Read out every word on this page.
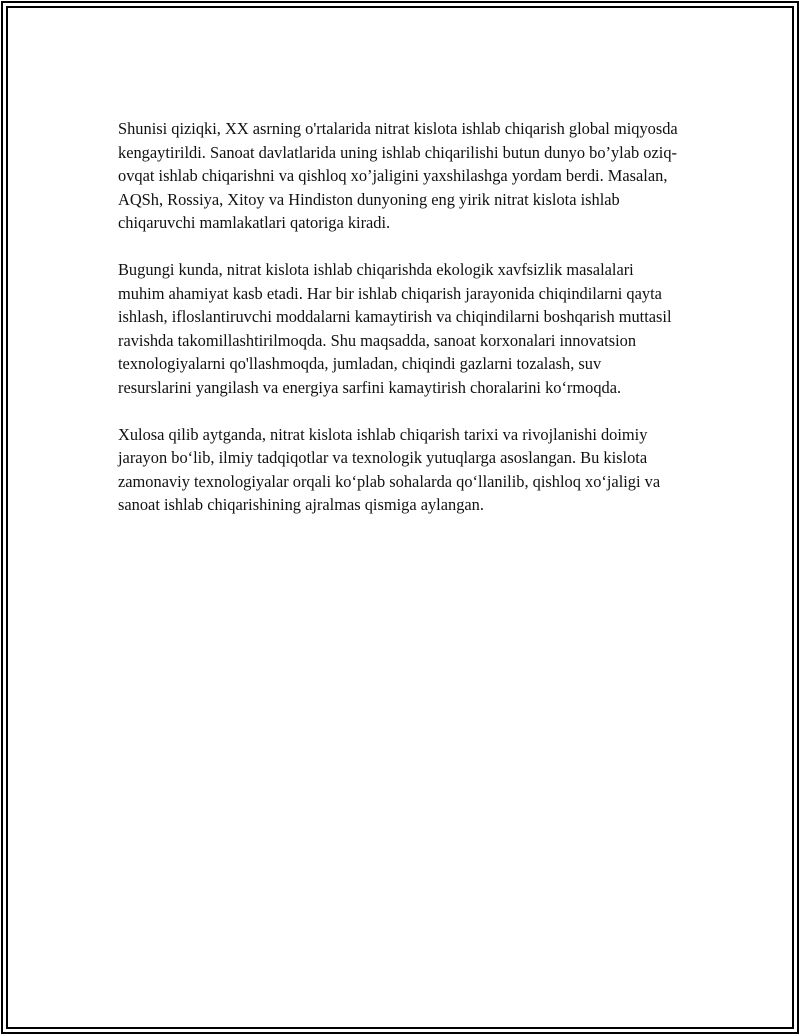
Shunisi qiziqki, XX asrning o'rtalarida nitrat kislota ishlab chiqarish global miqyosda kengaytirildi. Sanoat davlatlarida uning ishlab chiqarilishi butun dunyo bo’ylab oziq-ovqat ishlab chiqarishni va qishloq xo’jaligini yaxshilashga yordam berdi. Masalan, AQSh, Rossiya, Xitoy va Hindiston dunyoning eng yirik nitrat kislota ishlab chiqaruvchi mamlakatlari qatoriga kiradi.

Bugungi kunda, nitrat kislota ishlab chiqarishda ekologik xavfsizlik masalalari muhim ahamiyat kasb etadi. Har bir ishlab chiqarish jarayonida chiqindilarni qayta ishlash, ifloslantiruvchi moddalarni kamaytirish va chiqindilarni boshqarish muttasil ravishda takomillashtirilmoqda. Shu maqsadda, sanoat korxonalari innovatsion texnologiyalarni qo'llashmoqda, jumladan, chiqindi gazlarni tozalash, suv resurslarini yangilash va energiya sarfini kamaytirish choralarini ko‘rmoqda.

Xulosa qilib aytganda, nitrat kislota ishlab chiqarish tarixi va rivojlanishi doimiy jarayon bo‘lib, ilmiy tadqiqotlar va texnologik yutuqlarga asoslangan. Bu kislota zamonaviy texnologiyalar orqali ko‘plab sohalarda qo‘llanilib, qishloq xo‘jaligi va sanoat ishlab chiqarishining ajralmas qismiga aylangan.
